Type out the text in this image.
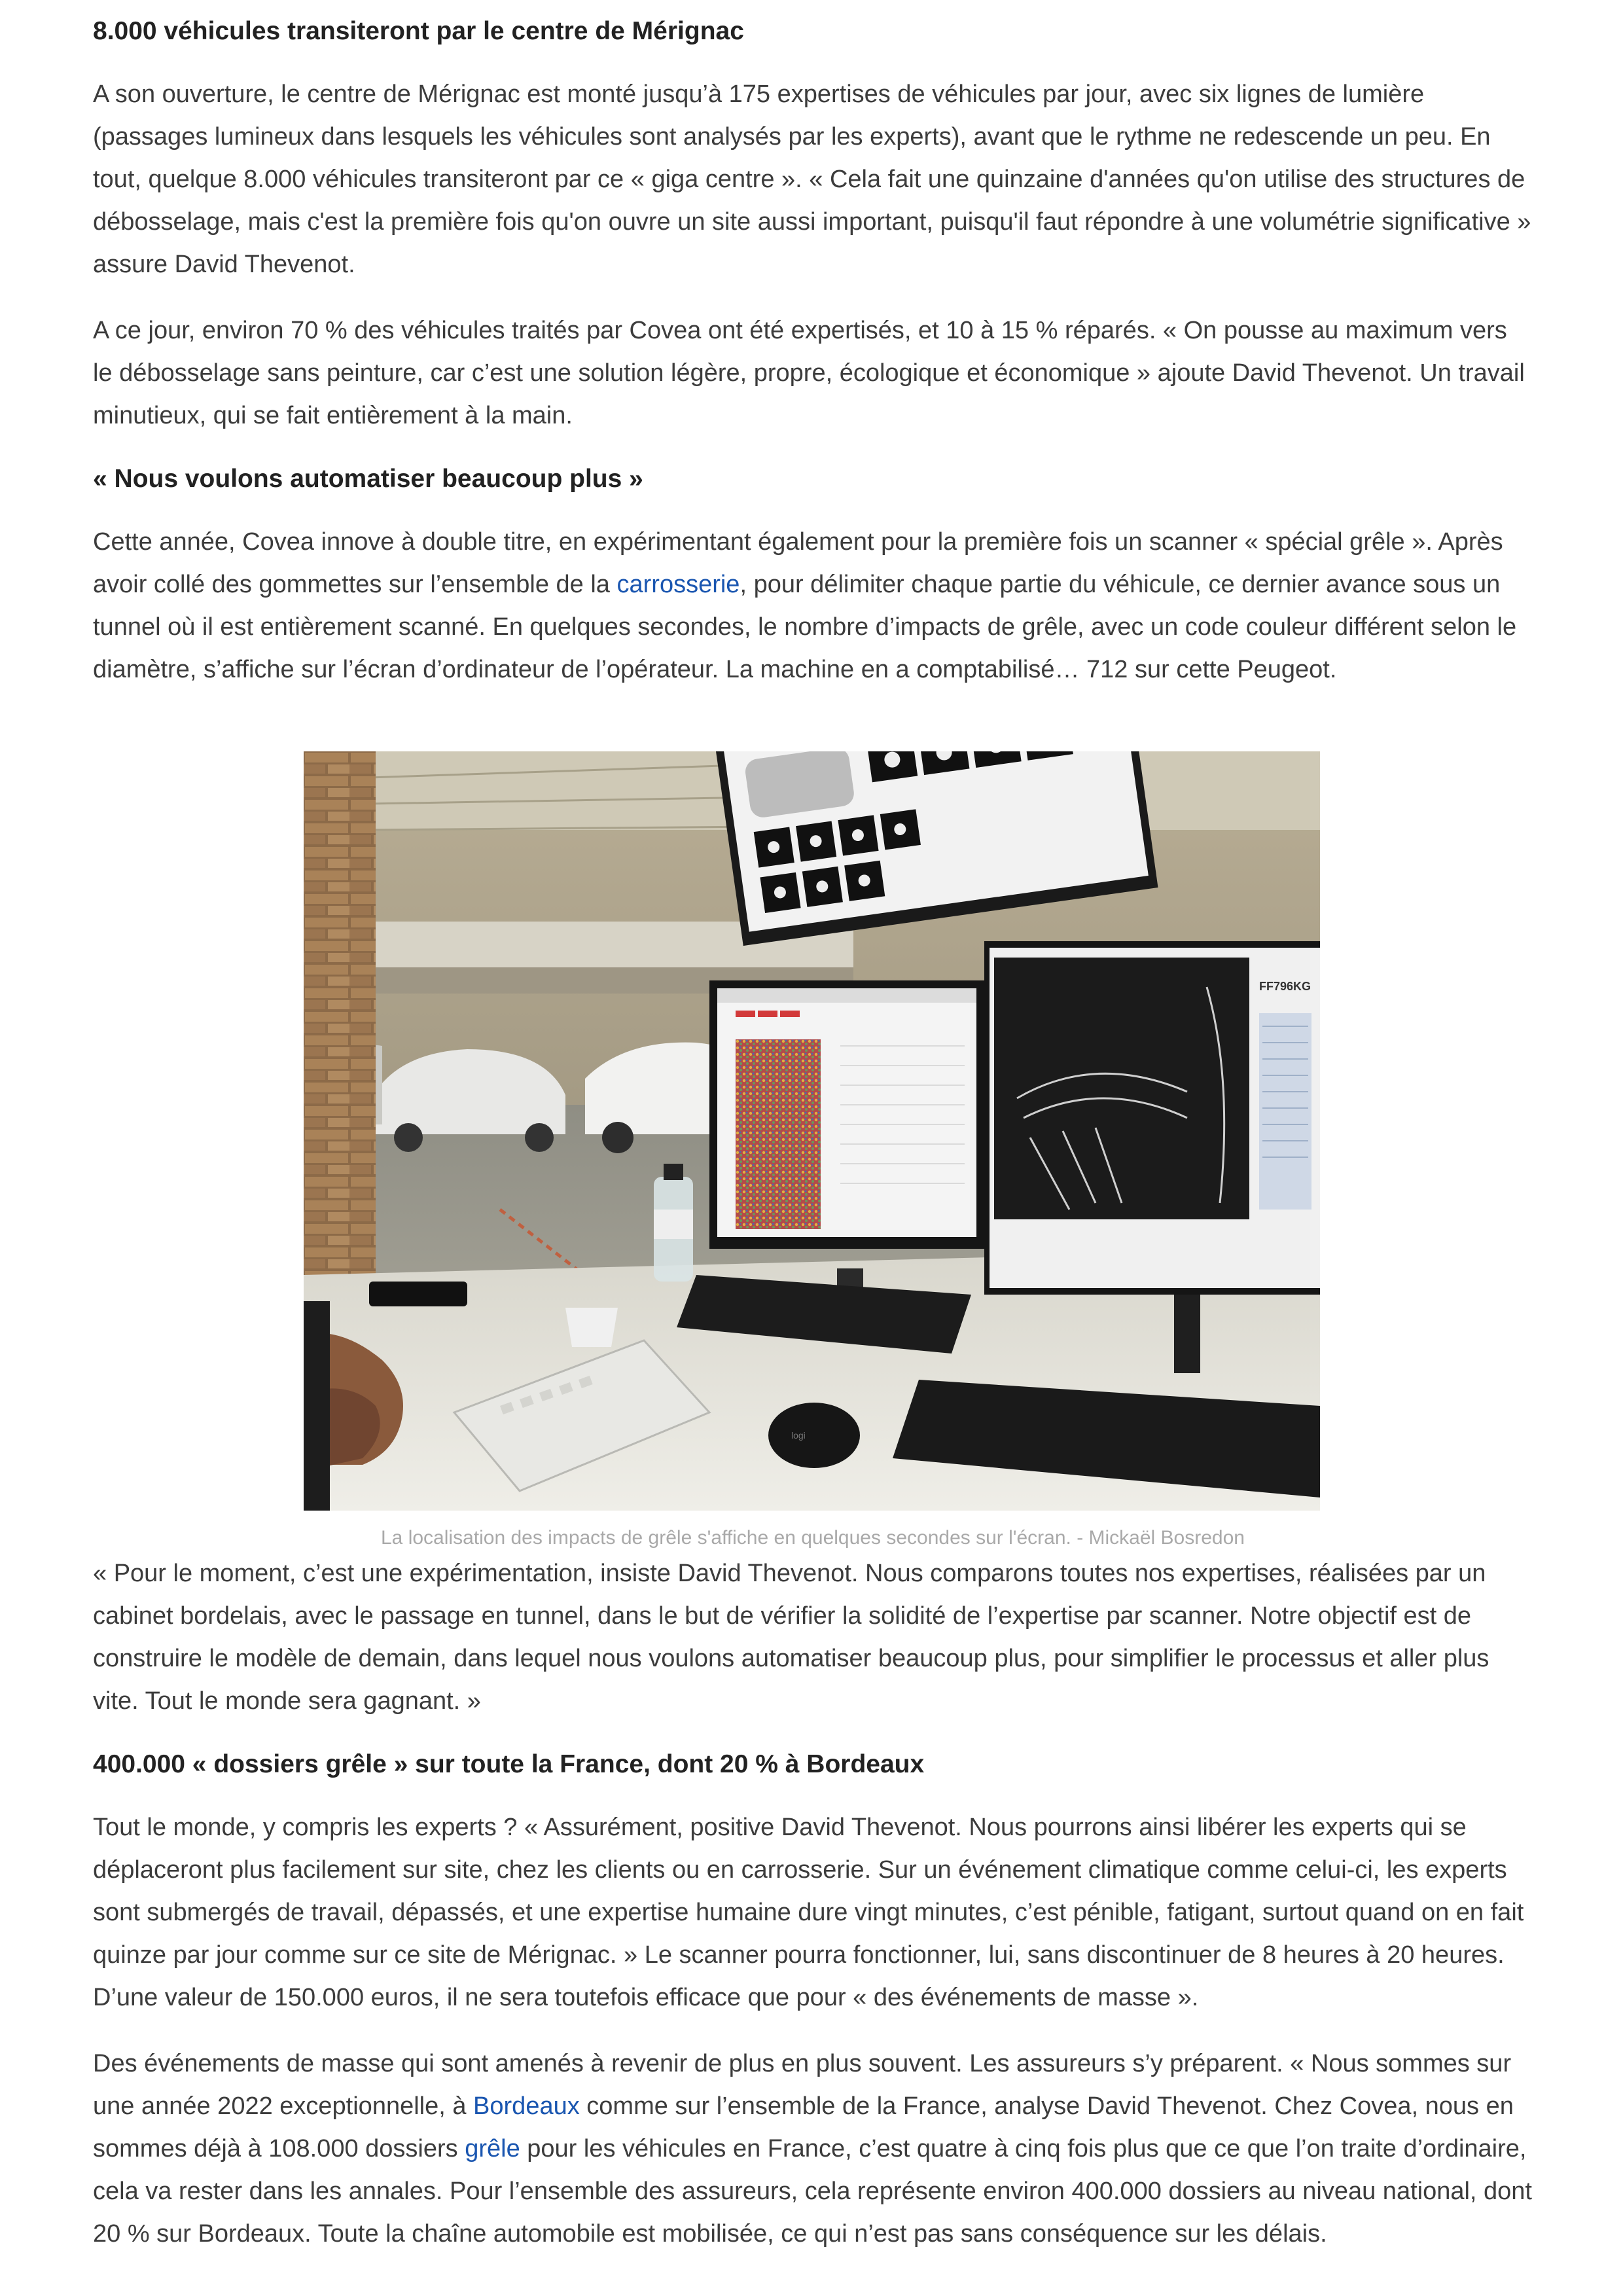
8.000 véhicules transiteront par le centre de Mérignac

A son ouverture, le centre de Mérignac est monté jusqu’à 175 expertises de véhicules par jour, avec six lignes de lumière (passages lumineux dans lesquels les véhicules sont analysés par les experts), avant que le rythme ne redescende un peu. En tout, quelque 8.000 véhicules transiteront par ce « giga centre ». « Cela fait une quinzaine d'années qu'on utilise des structures de débosselage, mais c'est la première fois qu'on ouvre un site aussi important, puisqu'il faut répondre à une volumétrie significative » assure David Thevenot.

A ce jour, environ 70 % des véhicules traités par Covea ont été expertisés, et 10 à 15 % réparés. « On pousse au maximum vers le débosselage sans peinture, car c’est une solution légère, propre, écologique et économique » ajoute David Thevenot. Un travail minutieux, qui se fait entièrement à la main.

« Nous voulons automatiser beaucoup plus »

Cette année, Covea innove à double titre, en expérimentant également pour la première fois un scanner « spécial grêle ». Après avoir collé des gommettes sur l’ensemble de la carrosserie, pour délimiter chaque partie du véhicule, ce dernier avance sous un tunnel où il est entièrement scanné. En quelques secondes, le nombre d’impacts de grêle, avec un code couleur différent selon le diamètre, s’affiche sur l’écran d’ordinateur de l’opérateur. La machine en a comptabilisé… 712 sur cette Peugeot.

FF796KG
logi
La localisation des impacts de grêle s'affiche en quelques secondes sur l'écran. - Mickaël Bosredon

« Pour le moment, c’est une expérimentation, insiste David Thevenot. Nous comparons toutes nos expertises, réalisées par un cabinet bordelais, avec le passage en tunnel, dans le but de vérifier la solidité de l’expertise par scanner. Notre objectif est de construire le modèle de demain, dans lequel nous voulons automatiser beaucoup plus, pour simplifier le processus et aller plus vite. Tout le monde sera gagnant. »

400.000 « dossiers grêle » sur toute la France, dont 20 % à Bordeaux

Tout le monde, y compris les experts ? « Assurément, positive David Thevenot. Nous pourrons ainsi libérer les experts qui se déplaceront plus facilement sur site, chez les clients ou en carrosserie. Sur un événement climatique comme celui-ci, les experts sont submergés de travail, dépassés, et une expertise humaine dure vingt minutes, c’est pénible, fatigant, surtout quand on en fait quinze par jour comme sur ce site de Mérignac. » Le scanner pourra fonctionner, lui, sans discontinuer de 8 heures à 20 heures. D’une valeur de 150.000 euros, il ne sera toutefois efficace que pour « des événements de masse ».

Des événements de masse qui sont amenés à revenir de plus en plus souvent. Les assureurs s’y préparent. « Nous sommes sur une année 2022 exceptionnelle, à Bordeaux comme sur l’ensemble de la France, analyse David Thevenot. Chez Covea, nous en sommes déjà à 108.000 dossiers grêle pour les véhicules en France, c’est quatre à cinq fois plus que ce que l’on traite d’ordinaire, cela va rester dans les annales. Pour l’ensemble des assureurs, cela représente environ 400.000 dossiers au niveau national, dont 20 % sur Bordeaux. Toute la chaîne automobile est mobilisée, ce qui n’est pas sans conséquence sur les délais.
